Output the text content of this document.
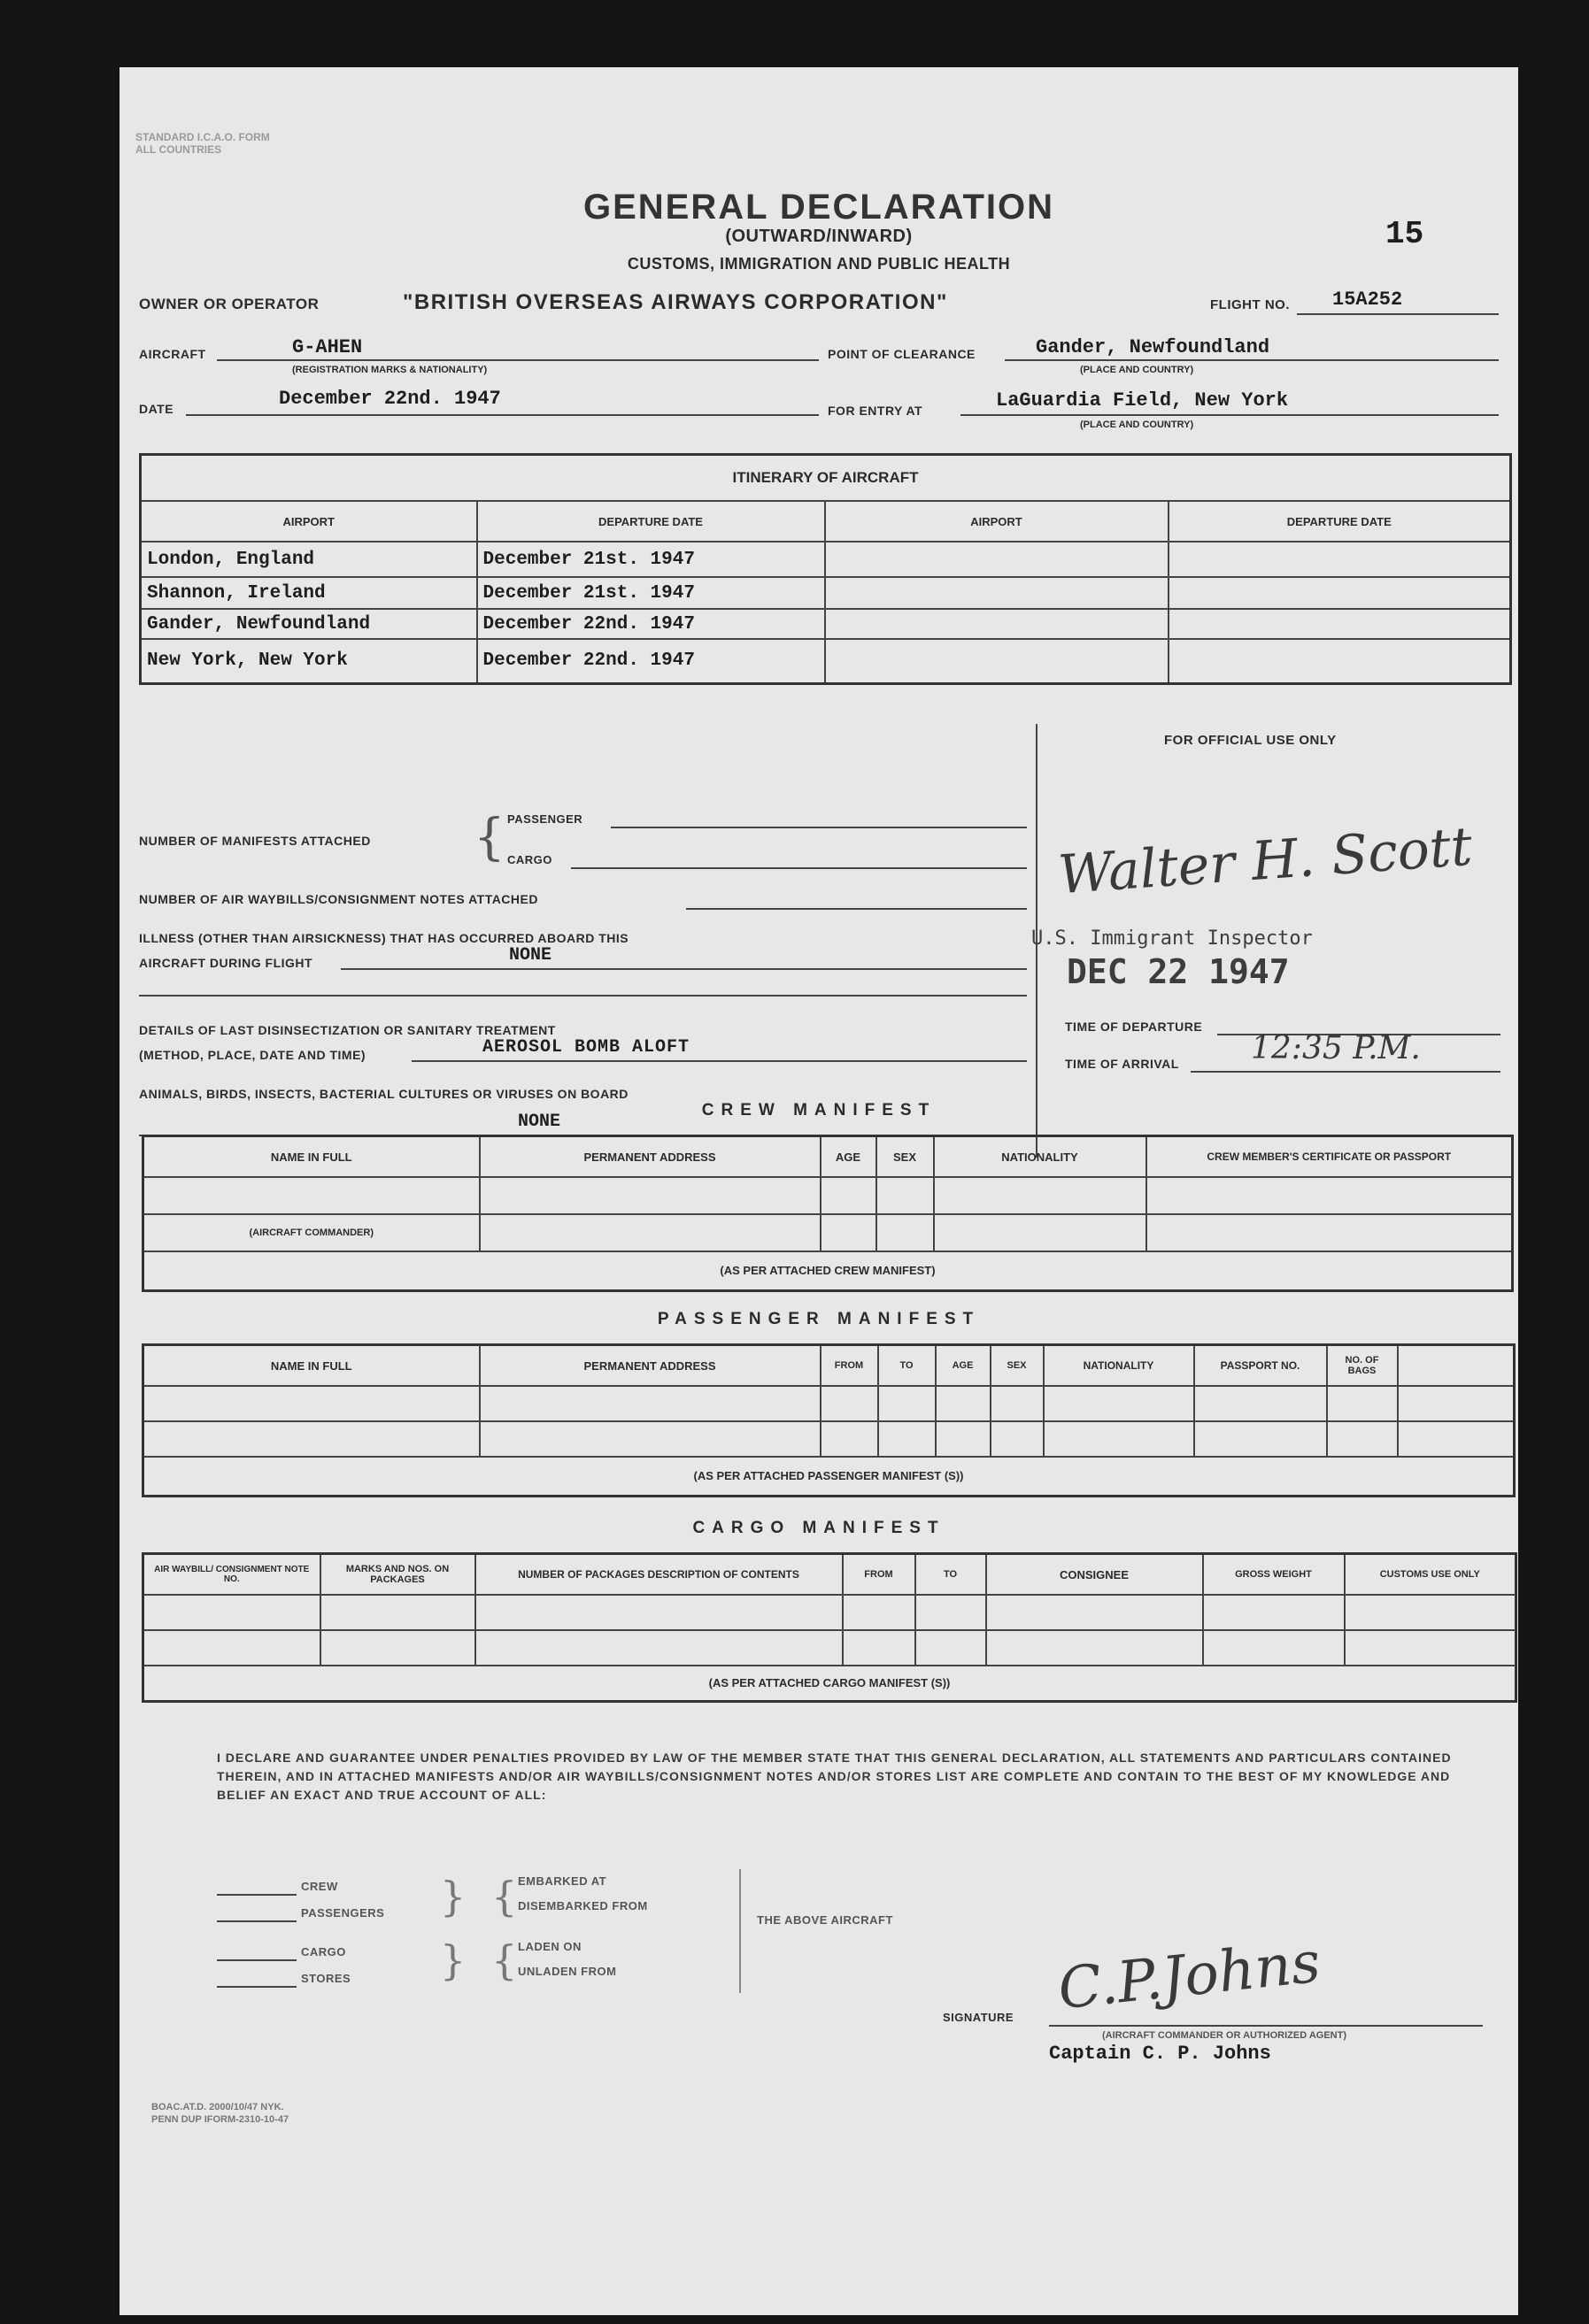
STANDARD I.C.A.O. FORM
ALL COUNTRIES
GENERAL DECLARATION
(OUTWARD/INWARD)
CUSTOMS, IMMIGRATION AND PUBLIC HEALTH
15
OWNER OR OPERATOR	"BRITISH OVERSEAS AIRWAYS CORPORATION"	FLIGHT NO. 15A252
AIRCRAFT	G-AHEN
(REGISTRATION MARKS & NATIONALITY)
POINT OF CLEARANCE	Gander, Newfoundland
(PLACE AND COUNTRY)
DATE	December 22nd. 1947
FOR ENTRY AT	LaGuardia Field, New York
(PLACE AND COUNTRY)
ITINERARY OF AIRCRAFT			
AIRPORT	DEPARTURE DATE	AIRPORT	DEPARTURE DATE
London, England	December 21st. 1947		
Shannon, Ireland	December 21st. 1947		
Gander, Newfoundland	December 22nd. 1947		
New York, New York	December 22nd. 1947		
NUMBER OF MANIFESTS ATTACHED { PASSENGER
CARGO
NUMBER OF AIR WAYBILLS/CONSIGNMENT NOTES ATTACHED
ILLNESS (OTHER THAN AIRSICKNESS) THAT HAS OCCURRED ABOARD THIS
AIRCRAFT DURING FLIGHT	NONE
DETAILS OF LAST DISINSECTIZATION OR SANITARY TREATMENT
(METHOD, PLACE, DATE AND TIME)	AEROSOL BOMB ALOFT
ANIMALS, BIRDS, INSECTS, BACTERIAL CULTURES OR VIRUSES ON BOARD
NONE
FOR OFFICIAL USE ONLY
Walter H. Scott
U.S. Immigrant Inspector
DEC 22 1947
TIME OF DEPARTURE
TIME OF ARRIVAL 12:35 P.M.
CREW MANIFEST
NAME IN FULL	PERMANENT ADDRESS	AGE	SEX	NATIONALITY	CREW MEMBER'S CERTIFICATE OR PASSPORT

(AIRCRAFT COMMANDER)					
(AS PER ATTACHED CREW MANIFEST)					
PASSENGER MANIFEST
NAME IN FULL	PERMANENT ADDRESS	FROM	TO	AGE	SEX	NATIONALITY	PASSPORT NO.	NO. OF BAGS	

(AS PER ATTACHED PASSENGER MANIFEST (S))									
CARGO MANIFEST
AIR WAYBILL/ CONSIGNMENT NOTE NO.	MARKS AND NOS. ON PACKAGES	NUMBER OF PACKAGES DESCRIPTION OF CONTENTS	FROM	TO	CONSIGNEE	GROSS WEIGHT	CUSTOMS USE ONLY

(AS PER ATTACHED CARGO MANIFEST (S))							
I DECLARE AND GUARANTEE UNDER PENALTIES PROVIDED BY LAW OF THE MEMBER STATE THAT THIS GENERAL DECLARATION, ALL STATEMENTS AND PARTICULARS CONTAINED THEREIN, AND IN ATTACHED MANIFESTS AND/OR AIR WAYBILLS/CONSIGNMENT NOTES AND/OR STORES LIST ARE COMPLETE AND CONTAIN TO THE BEST OF MY KNOWLEDGE AND BELIEF AN EXACT AND TRUE ACCOUNT OF ALL:
CREW
PASSENGERS
CARGO
STORES
} {
} {
EMBARKED AT
DISEMBARKED FROM
LADEN ON
UNLADEN FROM
THE ABOVE AIRCRAFT
C.P.Johns
SIGNATURE
(AIRCRAFT COMMANDER OR AUTHORIZED AGENT)
Captain C. P. Johns
BOAC.AT.D. 2000/10/47 NYK.
PENN DUP IFORM-2310-10-47
